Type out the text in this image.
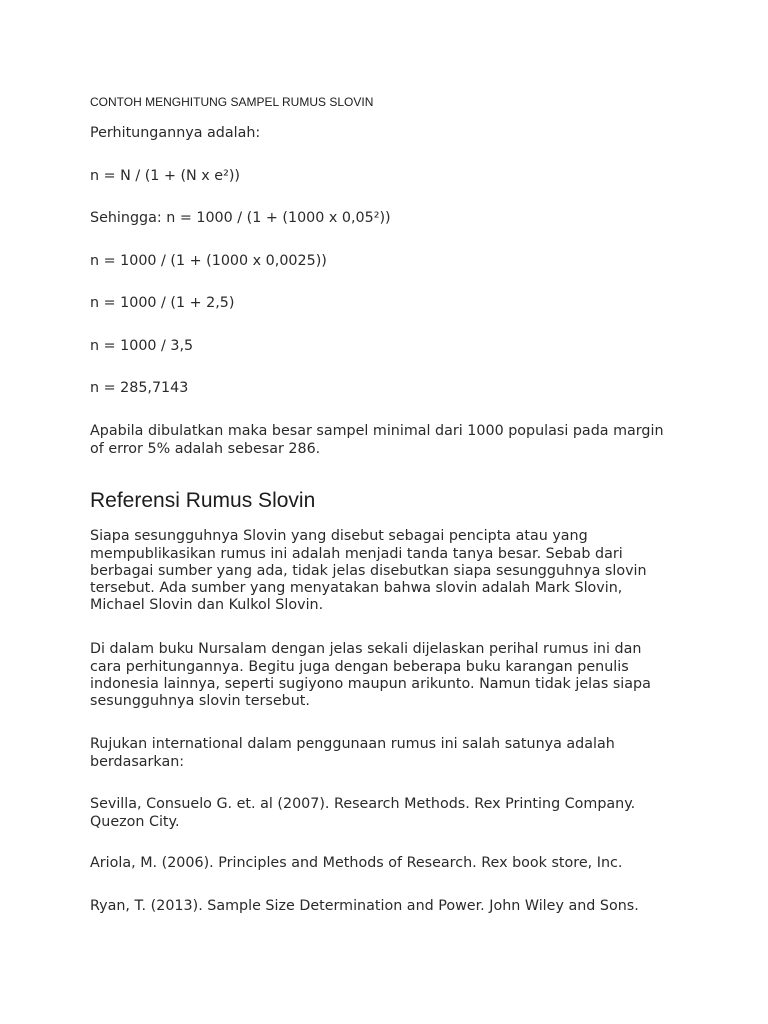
CONTOH MENGHITUNG SAMPEL RUMUS SLOVIN

Perhitungannya adalah:

n = N / (1 + (N x e²))

Sehingga: n = 1000 / (1 + (1000 x 0,05²))

n = 1000 / (1 + (1000 x 0,0025))

n = 1000 / (1 + 2,5)

n = 1000 / 3,5

n = 285,7143

Apabila dibulatkan maka besar sampel minimal dari 1000 populasi pada margin
of error 5% adalah sebesar 286.

Referensi Rumus Slovin

Siapa sesungguhnya Slovin yang disebut sebagai pencipta atau yang
mempublikasikan rumus ini adalah menjadi tanda tanya besar. Sebab dari
berbagai sumber yang ada, tidak jelas disebutkan siapa sesungguhnya slovin
tersebut. Ada sumber yang menyatakan bahwa slovin adalah Mark Slovin,
Michael Slovin dan Kulkol Slovin.

Di dalam buku Nursalam dengan jelas sekali dijelaskan perihal rumus ini dan
cara perhitungannya. Begitu juga dengan beberapa buku karangan penulis
indonesia lainnya, seperti sugiyono maupun arikunto. Namun tidak jelas siapa
sesungguhnya slovin tersebut.

Rujukan international dalam penggunaan rumus ini salah satunya adalah
berdasarkan:

Sevilla, Consuelo G. et. al (2007). Research Methods. Rex Printing Company.
Quezon City.

Ariola, M. (2006). Principles and Methods of Research. Rex book store, Inc.

Ryan, T. (2013). Sample Size Determination and Power. John Wiley and Sons.
